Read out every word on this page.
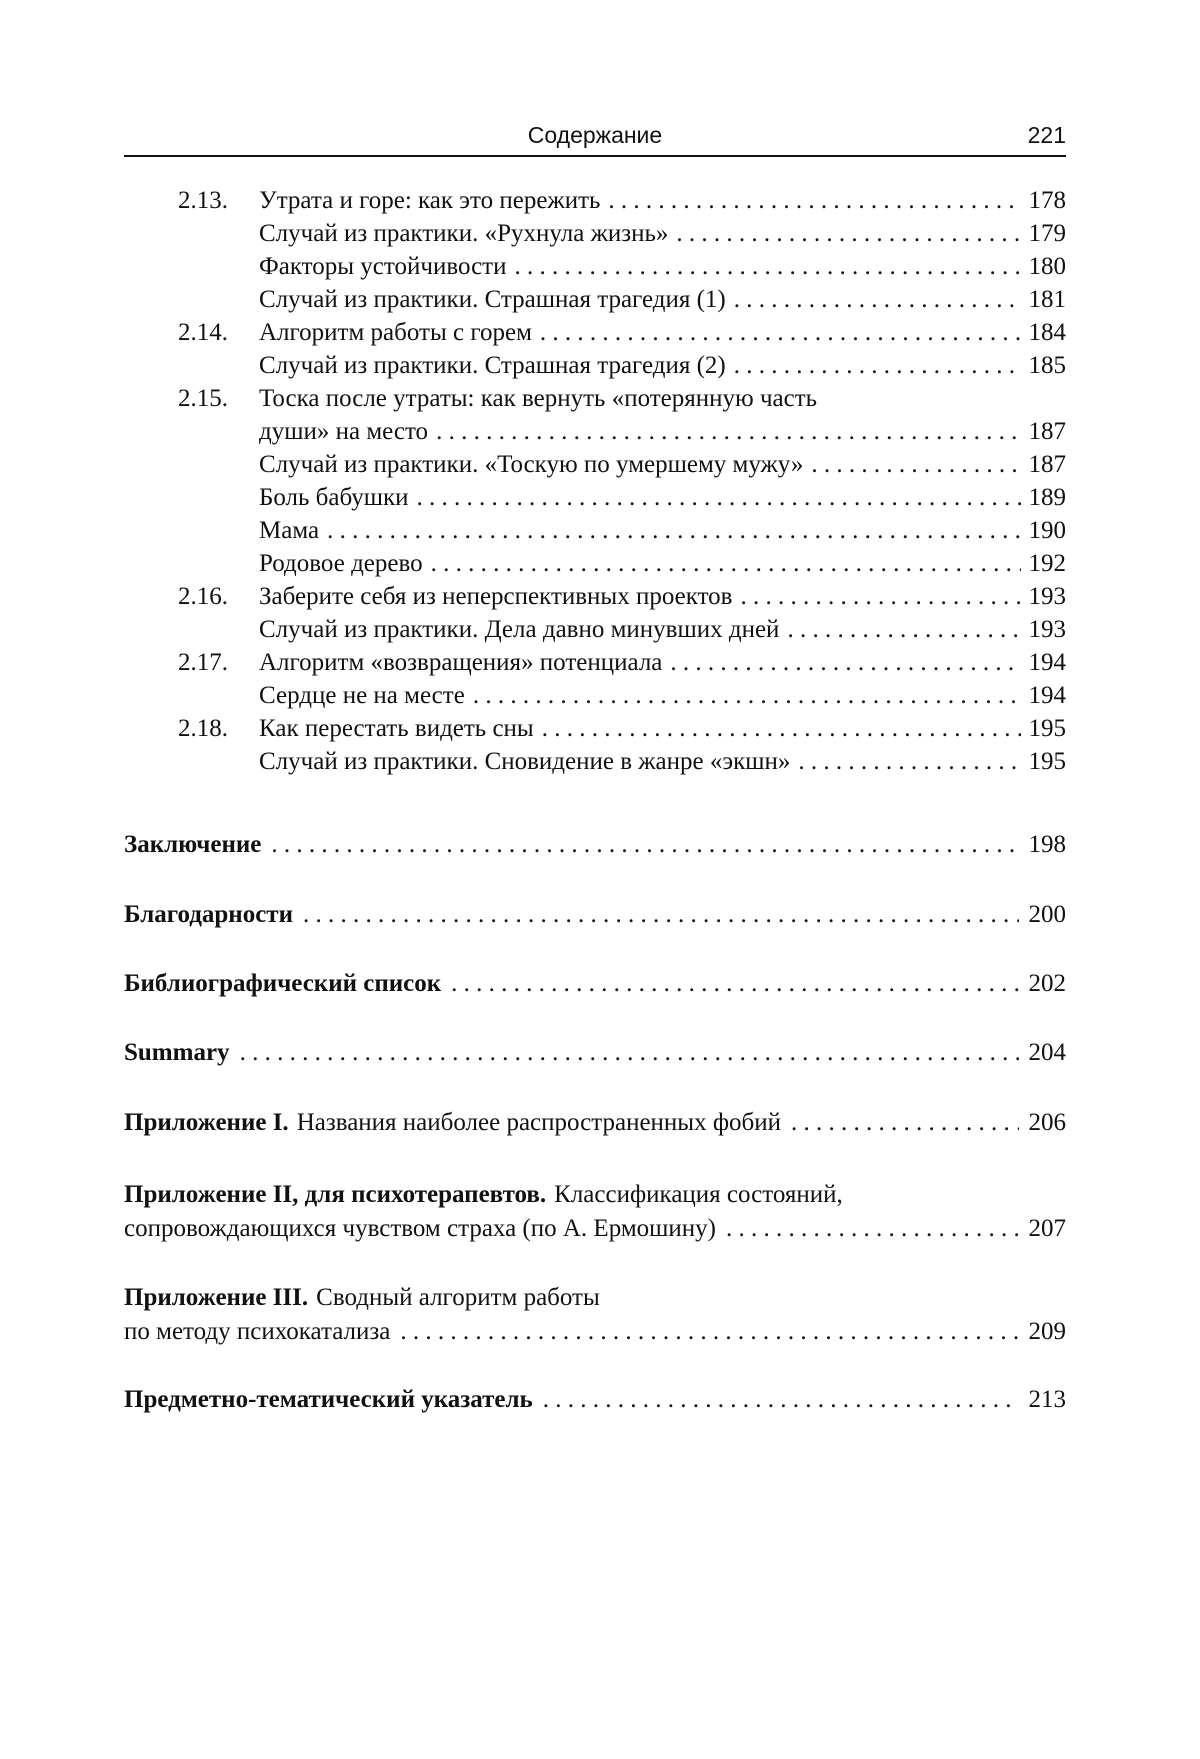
Содержание	221
2.13.	Утрата и горе: как это пережить . . .	178
Случай из практики. «Рухнула жизнь» . . .	179
Факторы устойчивости . . .	180
Случай из практики. Страшная трагедия (1) . . .	181
2.14.	Алгоритм работы с горем . . .	184
Случай из практики. Страшная трагедия (2) . . .	185
2.15.	Тоска после утраты: как вернуть «потерянную часть
души» на место . . .	187
Случай из практики. «Тоскую по умершему мужу» . . .	187
Боль бабушки . . .	189
Мама . . .	190
Родовое дерево . . .	192
2.16.	Заберите себя из неперспективных проектов . . .	193
Случай из практики. Дела давно минувших дней . . .	193
2.17.	Алгоритм «возвращения» потенциала . . .	194
Сердце не на месте . . .	194
2.18.	Как перестать видеть сны . . .	195
Случай из практики. Сновидение в жанре «экшн» . . .	195
Заключение . . .	198
Благодарности . . .	200
Библиографический список . . .	202
Summary . . .	204
Приложение I. Названия наиболее распространенных фобий . . .	206
Приложение II, для психотерапевтов. Классификация состояний,
сопровождающихся чувством страха (по А. Ермошину) . . .	207
Приложение III. Сводный алгоритм работы
по методу психокатализа . . .	209
Предметно-тематический указатель . . .	213
